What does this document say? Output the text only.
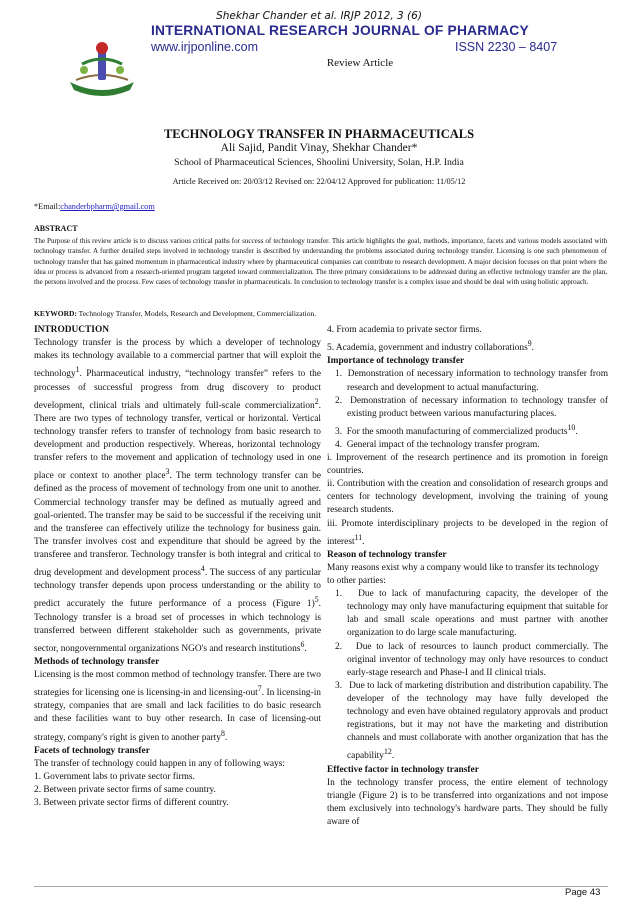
Shekhar Chander et al. IRJP 2012, 3 (6)
INTERNATIONAL RESEARCH JOURNAL OF PHARMACY
www.irjponline.com	ISSN 2230 – 8407
Review Article
TECHNOLOGY TRANSFER IN PHARMACEUTICALS
Ali Sajid, Pandit Vinay, Shekhar Chander*
School of Pharmaceutical Sciences, Shoolini University, Solan, H.P. India
Article Received on: 20/03/12 Revised on: 22/04/12 Approved for publication: 11/05/12
*Email:chanderbpharm@gmail.com
ABSTRACT
The Purpose of this review article is to discuss various critical paths for success of technology transfer. This article highlights the goal, methods, importance, facets and various models associated with technology transfer. A further detailed steps involved in technology transfer is described by understanding the problems associated during technology transfer. Licensing is one such phenomenon of technology transfer that has gained momentum in pharmaceutical industry where by pharmaceutical companies can contribute to research development. A major decision focuses on that point where the idea or process is advanced from a research-oriented program targeted toward commercialization. The three primary considerations to be addressed during an effective technology transfer are the plan, the persons involved and the process. Few cases of technology transfer in pharmaceuticals. In conclusion to technology transfer is a complex issue and should be deal with using holistic approach.
KEYWORD: Technology Transfer, Models, Research and Development, Commercialization.
INTRODUCTION

Technology transfer is the process by which a developer of technology makes its technology available to a commercial partner that will exploit the technology$^1$. Pharmaceutical industry, “technology transfer” refers to the processes of successful progress from drug discovery to product development, clinical trials and ultimately full-scale commercialization$^2$. There are two types of technology transfer, vertical or horizontal. Vertical technology transfer refers to transfer of technology from basic research to development and production respectively. Whereas, horizontal technology transfer refers to the movement and application of technology used in one place or context to another place$^3$. The term technology transfer can be defined as the process of movement of technology from one unit to another. Commercial technology transfer may be defined as mutually agreed and goal-oriented. The transfer may be said to be successful if the receiving unit and the transferee can effectively utilize the technology for business gain. The transfer involves cost and expenditure that should be agreed by the transferee and transferor. Technology transfer is both integral and critical to drug development and development process$^4$. The success of any particular technology transfer depends upon process understanding or the ability to predict accurately the future performance of a process (Figure 1)$^5$. Technology transfer is a broad set of processes in which technology is transferred between different stakeholder such as governments, private sector, nongovernmental organizations NGO's and research institutions$^6$.

Methods of technology transfer

Licensing is the most common method of technology transfer. There are two strategies for licensing one is licensing-in and licensing-out$^7$. In licensing-in strategy, companies that are small and lack facilities to do basic research and these facilities want to buy other research. In case of licensing-out strategy, company's right is given to another party$^8$.

Facets of technology transfer

The transfer of technology could happen in any of following ways:

1. Government labs to private sector firms.
2. Between private sector firms of same country.
3. Between private sector firms of different country.
4. From academia to private sector firms.
5. Academia, government and industry collaborations$^9$.
Importance of technology transfer
1.  Demonstration of necessary information to technology transfer from research and development to actual manufacturing.
2.  Demonstration of necessary information to technology transfer of existing product between various manufacturing places.
3.  For the smooth manufacturing of commercialized products$^{10}$.
4.  General impact of the technology transfer program.
i. Improvement of the research pertinence and its promotion in foreign countries.
ii. Contribution with the creation and consolidation of research groups and centers for technology development, involving the training of young research students.
iii. Promote interdisciplinary projects to be developed in the region of interest$^{11}$.
Reason of technology transfer

Many reasons exist why a company would like to transfer its technology to other parties:

1.   Due to lack of manufacturing capacity, the developer of the technology may only have manufacturing equipment that suitable for lab and small scale operations and must partner with another organization to do large scale manufacturing.
2.   Due to lack of resources to launch product commercially. The original inventor of technology may only have resources to conduct early-stage research and Phase-I and II clinical trials.
3.   Due to lack of marketing distribution and distribution capability. The developer of the technology may have fully developed the technology and even have obtained regulatory approvals and product registrations, but it may not have the marketing and distribution channels and must collaborate with another organization that has the capability$^{12}$.
Effective factor in technology transfer

In the technology transfer process, the entire element of technology triangle (Figure 2) is to be transferred into organizations and not impose them exclusively into technology's hardware parts. They should be fully aware of

Page 43
